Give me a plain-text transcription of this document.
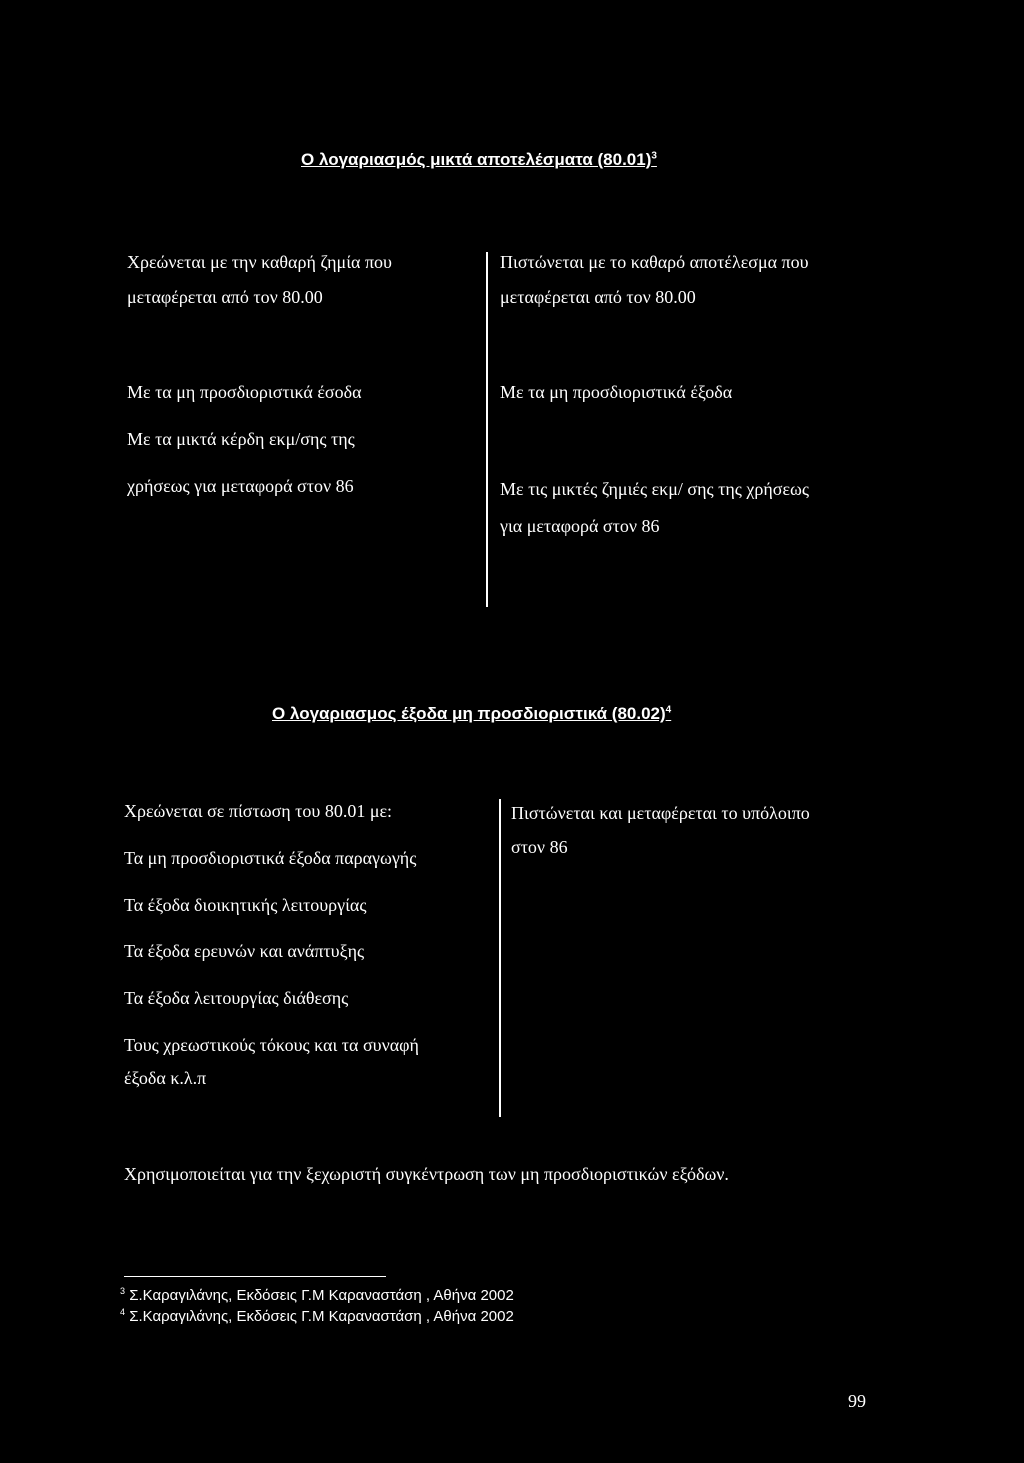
Ο λογαριασμός μικτά αποτελέσματα $(80.01)^3$
Χρεώνεται με την καθαρή ζημία που
μεταφέρεται από τον 80.00
Με τα μη προσδιοριστικά έσοδα
Με τα μικτά κέρδη εκμ/σης της
χρήσεως για μεταφορά στον 86
Πιστώνεται με το καθαρό αποτέλεσμα που
μεταφέρεται από τον 80.00
Με τα μη προσδιοριστικά έξοδα
Με τις μικτές ζημιές εκμ/ σης της χρήσεως
για μεταφορά στον 86
Ο λογαριασμος έξοδα μη προσδιοριστικά $(80.02)^4$
Χρεώνεται σε πίστωση του 80.01 με:
Τα μη προσδιοριστικά έξοδα παραγωγής
Τα έξοδα διοικητικής λειτουργίας
Τα έξοδα ερευνών και ανάπτυξης
Τα έξοδα λειτουργίας διάθεσης
Τους χρεωστικούς τόκους και τα συναφή
έξοδα κ.λ.π
Πιστώνεται και μεταφέρεται το υπόλοιπο
στον 86
Χρησιμοποιείται για την ξεχωριστή συγκέντρωση των μη προσδιοριστικών εξόδων.
$^3$ Σ.Καραγιλάνης, Εκδόσεις Γ.Μ Καραναστάση , Αθήνα 2002
$^4$ Σ.Καραγιλάνης, Εκδόσεις Γ.Μ Καραναστάση , Αθήνα 2002
99
